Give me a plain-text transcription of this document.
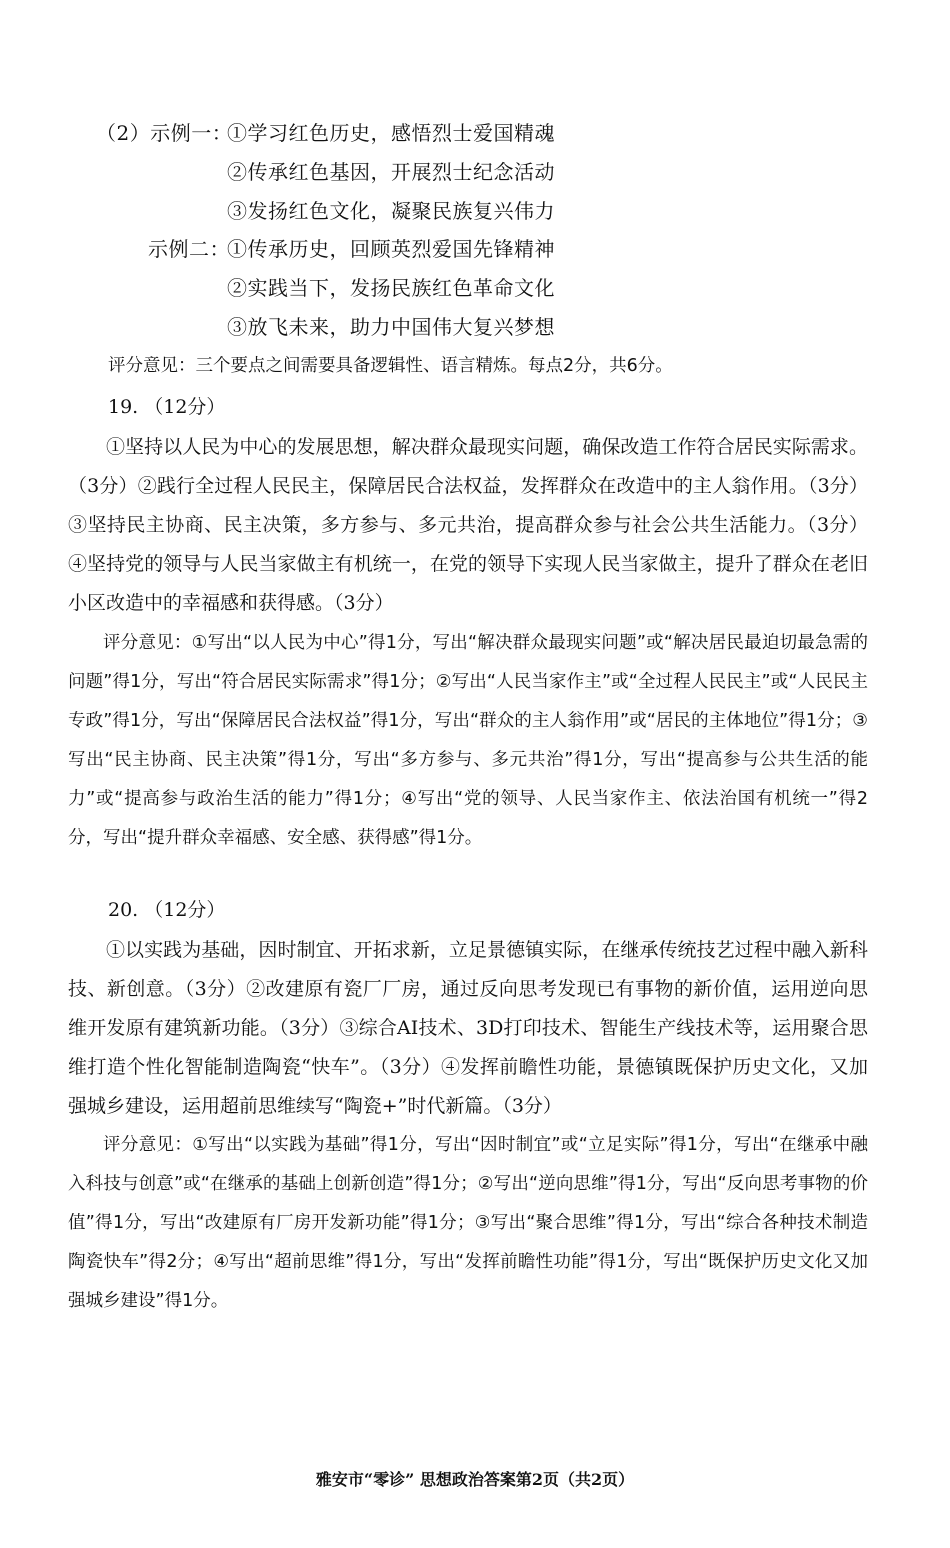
（2）示例一：
①学习红色历史，感悟烈士爱国精魂
②传承红色基因，开展烈士纪念活动
③发扬红色文化，凝聚民族复兴伟力
示例二：
①传承历史，回顾英烈爱国先锋精神
②实践当下，发扬民族红色革命文化
③放飞未来，助力中国伟大复兴梦想
评分意见：三个要点之间需要具备逻辑性、语言精炼。每点2分，共6分。
19. （12分）

①坚持以人民为中心的发展思想，解决群众最现实问题，确保改造工作符合居民实际需求。（3分）②践行全过程人民民主，保障居民合法权益，发挥群众在改造中的主人翁作用。（3分）③坚持民主协商、民主决策，多方参与、多元共治，提高群众参与社会公共生活能力。（3分）④坚持党的领导与人民当家做主有机统一，在党的领导下实现人民当家做主，提升了群众在老旧小区改造中的幸福感和获得感。（3分）

评分意见：①写出“以人民为中心”得1分，写出“解决群众最现实问题”或“解决居民最迫切最急需的问题”得1分，写出“符合居民实际需求”得1分；②写出“人民当家作主”或“全过程人民民主”或“人民民主专政”得1分，写出“保障居民合法权益”得1分，写出“群众的主人翁作用”或“居民的主体地位”得1分；③写出“民主协商、民主决策”得1分，写出“多方参与、多元共治”得1分，写出“提高参与公共生活的能力”或“提高参与政治生活的能力”得1分；④写出“党的领导、人民当家作主、依法治国有机统一”得2分，写出“提升群众幸福感、安全感、获得感”得1分。

20. （12分）

①以实践为基础，因时制宜、开拓求新，立足景德镇实际，在继承传统技艺过程中融入新科技、新创意。（3分）②改建原有瓷厂厂房，通过反向思考发现已有事物的新价值，运用逆向思维开发原有建筑新功能。（3分）③综合AI技术、3D打印技术、智能生产线技术等，运用聚合思维打造个性化智能制造陶瓷“快车”。（3分）④发挥前瞻性功能，景德镇既保护历史文化，又加强城乡建设，运用超前思维续写“陶瓷+”时代新篇。（3分）

评分意见：①写出“以实践为基础”得1分，写出“因时制宜”或“立足实际”得1分，写出“在继承中融入科技与创意”或“在继承的基础上创新创造”得1分；②写出“逆向思维”得1分，写出“反向思考事物的价值”得1分，写出“改建原有厂房开发新功能”得1分；③写出“聚合思维”得1分，写出“综合各种技术制造陶瓷快车”得2分；④写出“超前思维”得1分，写出“发挥前瞻性功能”得1分，写出“既保护历史文化又加强城乡建设”得1分。

雅安市“零诊” 思想政治答案第2页（共2页）
